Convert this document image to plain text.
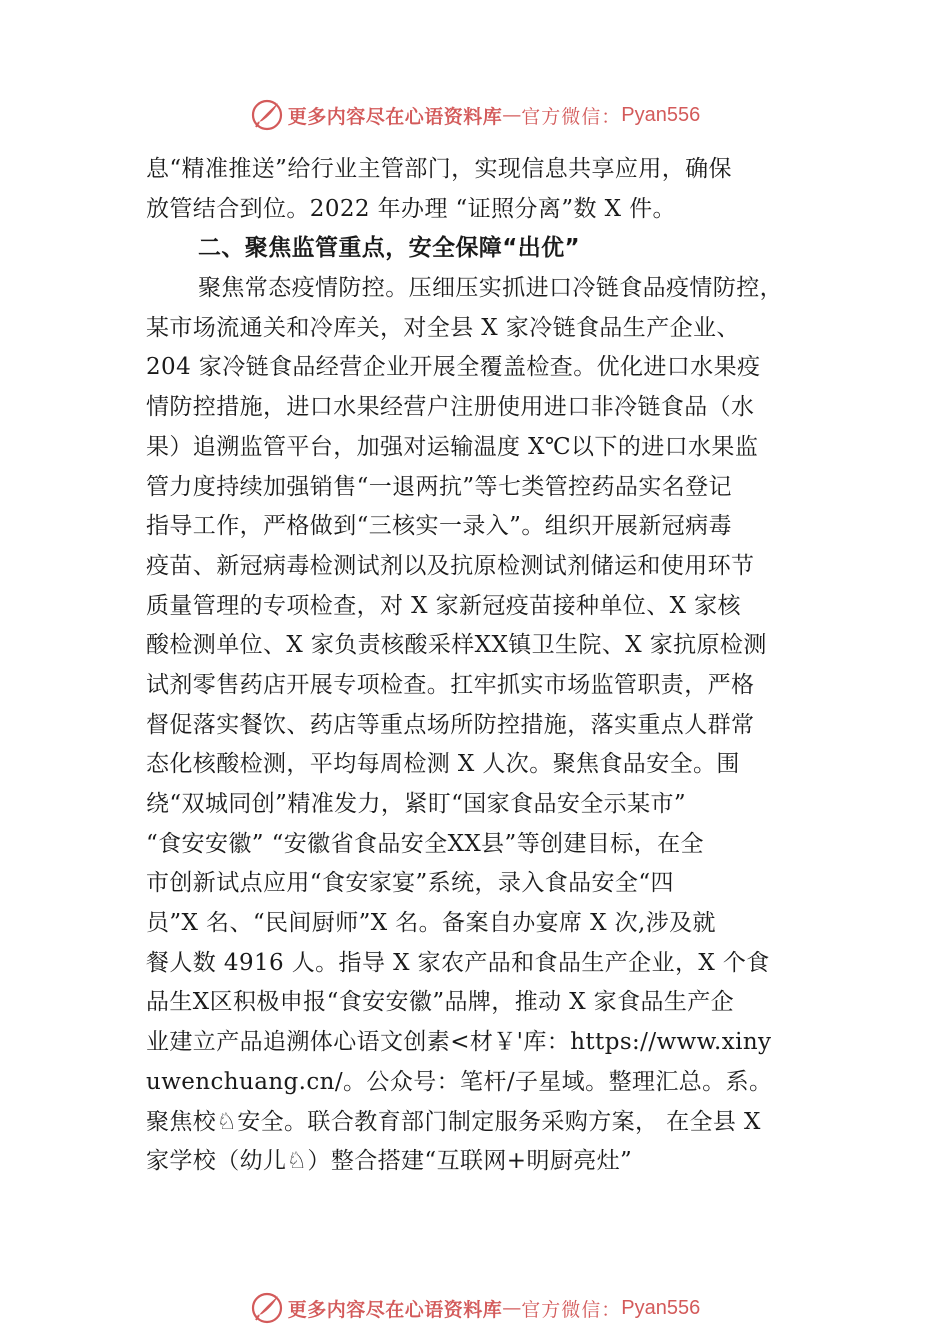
更多内容尽在心语资料库 — 官方微信： Pyan556
息“精准推送”给行业主管部门，实现信息共享应用，确保
放管结合到位。2022 年办理 “证照分离”数 X 件。
二、聚焦监管重点，安全保障“出优”
聚焦常态疫情防控。压细压实抓进口冷链食品疫情防控，
某市场流通关和冷库关，对全县 X 家冷链食品生产企业、
204 家冷链食品经营企业开展全覆盖检查。优化进口水果疫
情防控措施，进口水果经营户注册使用进口非冷链食品（水
果）追溯监管平台，加强对运输温度 X℃以下的进口水果监
管力度持续加强销售“一退两抗”等七类管控药品实名登记
指导工作，严格做到“三核实一录入”。组织开展新冠病毒
疫苗、新冠病毒检测试剂以及抗原检测试剂储运和使用环节
质量管理的专项检查，对 X 家新冠疫苗接种单位、X 家核
酸检测单位、X 家负责核酸采样XX镇卫生院、X 家抗原检测
试剂零售药店开展专项检查。扛牢抓实市场监管职责，严格
督促落实餐饮、药店等重点场所防控措施，落实重点人群常
态化核酸检测，平均每周检测 X 人次。聚焦食品安全。围
绕“双城同创”精准发力，紧盯“国家食品安全示某市”
“食安安徽” “安徽省食品安全XX县”等创建目标，在全
市创新试点应用“食安家宴”系统，录入食品安全“四
员”X 名、“民间厨师”X 名。备案自办宴席 X 次,涉及就
餐人数 4916 人。指导 X 家农产品和食品生产企业，X 个食
品生X区积极申报“食安安徽”品牌，推动 X 家食品生产企
业建立产品追溯体心语文创素<材￥'库：https://www.xiny
uwenchuang.cn/。公众号：笔杆/子星域。整理汇总。系。
聚焦校♘安全。联合教育部门制定服务采购方案， 在全县 X
家学校（幼儿♘）整合搭建“互联网+明厨亮灶”
更多内容尽在心语资料库 — 官方微信： Pyan556
